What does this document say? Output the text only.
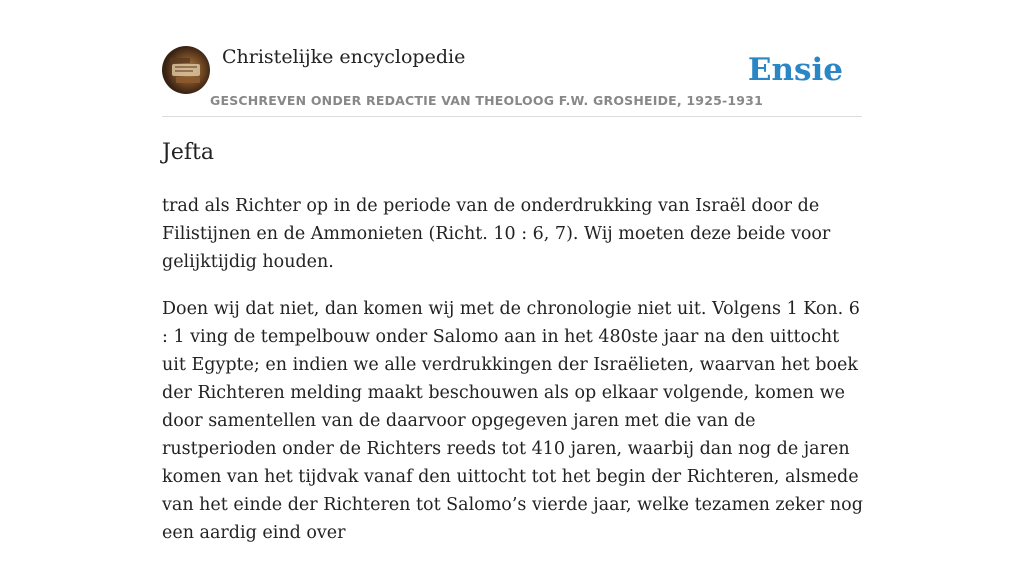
Christelijke encyclopedie
GESCHREVEN ONDER REDACTIE VAN THEOLOOG F.W. GROSHEIDE, 1925-1931
Ensie
Jefta

trad als Richter op in de periode van de onderdrukking van Israël door de Filistijnen en de Ammonieten (Richt. 10 : 6, 7). Wij moeten deze beide voor gelijktijdig houden.

Doen wij dat niet, dan komen wij met de chronologie niet uit. Volgens 1 Kon. 6 : 1 ving de tempelbouw onder Salomo aan in het 480ste jaar na den uittocht uit Egypte; en indien we alle verdrukkingen der Israëlieten, waarvan het boek der Richteren melding maakt beschouwen als op elkaar volgende, komen we door samentellen van de daarvoor opgegeven jaren met die van de rustperioden onder de Richters reeds tot 410 jaren, waarbij dan nog de jaren komen van het tijdvak vanaf den uittocht tot het begin der Richteren, alsmede van het einde der Richteren tot Salomo’s vierde jaar, welke tezamen zeker nog een aardig eind over
